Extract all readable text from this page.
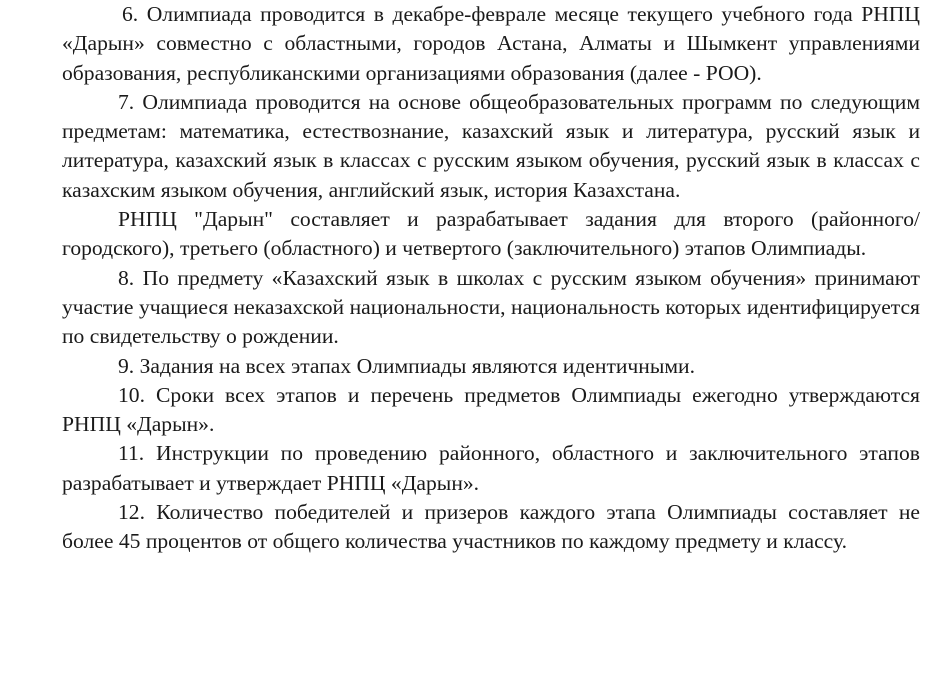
6. Олимпиада проводится в декабре-феврале месяце текущего учебного года РНПЦ «Дарын» совместно с областными, городов Астана, Алматы и Шымкент управлениями образования, республиканскими организациями образования (далее - РОО).

7. Олимпиада проводится на основе общеобразовательных программ по следующим предметам: математика, естествознание, казахский язык и литература, русский язык и литература, казахский язык в классах с русским языком обучения, русский язык в классах с казахским языком обучения, английский язык, история Казахстана.

РНПЦ "Дарын" составляет и разрабатывает задания для второго (районного/городского), третьего (областного) и четвертого (заключительного) этапов Олимпиады.

8. По предмету «Казахский язык в школах с русским языком обучения» принимают участие учащиеся неказахской национальности, национальность которых идентифицируется по свидетельству о рождении.

9. Задания на всех этапах Олимпиады являются идентичными.

10. Сроки всех этапов и перечень предметов Олимпиады ежегодно утверждаются РНПЦ «Дарын».

11. Инструкции по проведению районного, областного и заключительного этапов разрабатывает и утверждает РНПЦ «Дарын».

12. Количество победителей и призеров каждого этапа Олимпиады составляет не более 45 процентов от общего количества участников по каждому предмету и классу.
